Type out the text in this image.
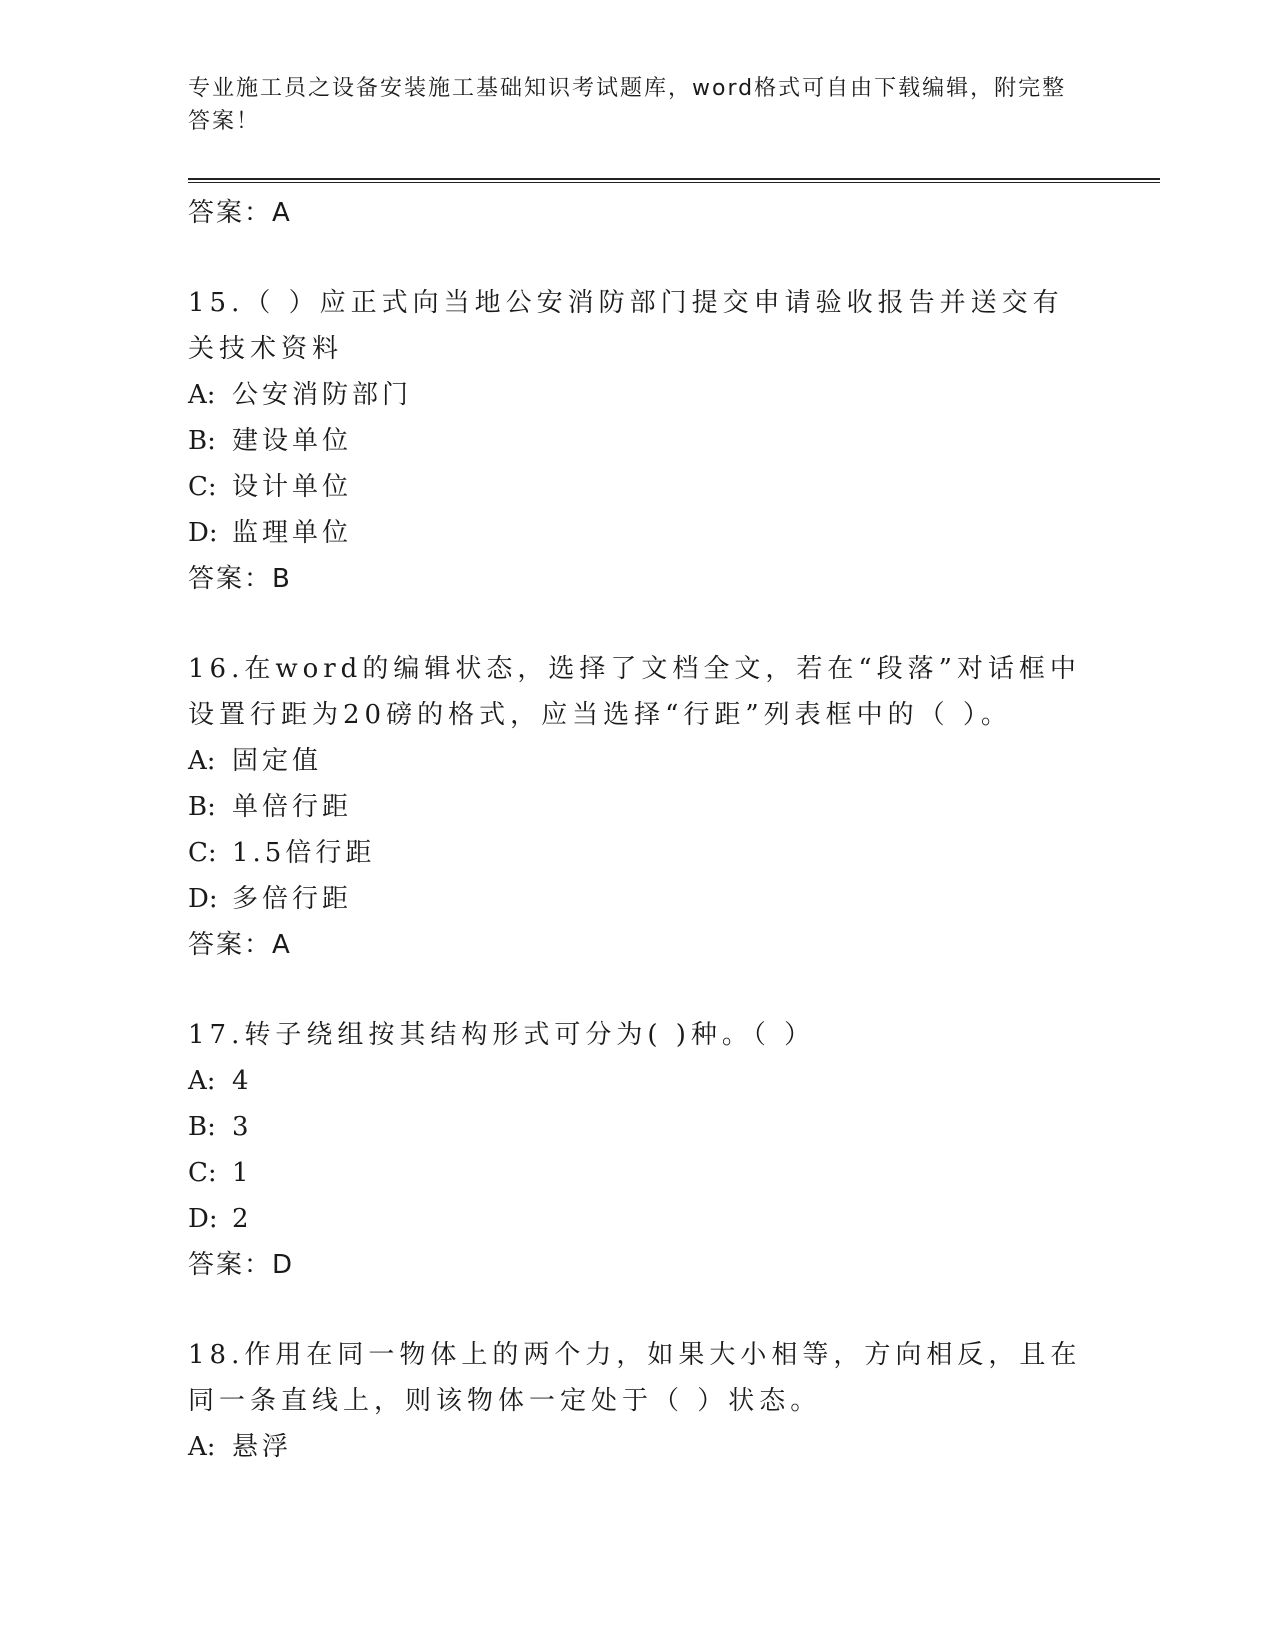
专业施工员之设备安装施工基础知识考试题库，word格式可自由下载编辑，附完整答案！
答案：A
15.（ ）应正式向当地公安消防部门提交申请验收报告并送交有关技术资料
A: 公安消防部门
B: 建设单位
C: 设计单位
D: 监理单位
答案：B
16.在word的编辑状态，选择了文档全文，若在“段落”对话框中设置行距为20磅的格式，应当选择“行距”列表框中的（ ）。
A: 固定值
B: 单倍行距
C: 1.5倍行距
D: 多倍行距
答案：A
17.转子绕组按其结构形式可分为( )种。（ ）
A: 4
B: 3
C: 1
D: 2
答案：D
18.作用在同一物体上的两个力，如果大小相等，方向相反，且在同一条直线上，则该物体一定处于（ ）状态。
A: 悬浮
